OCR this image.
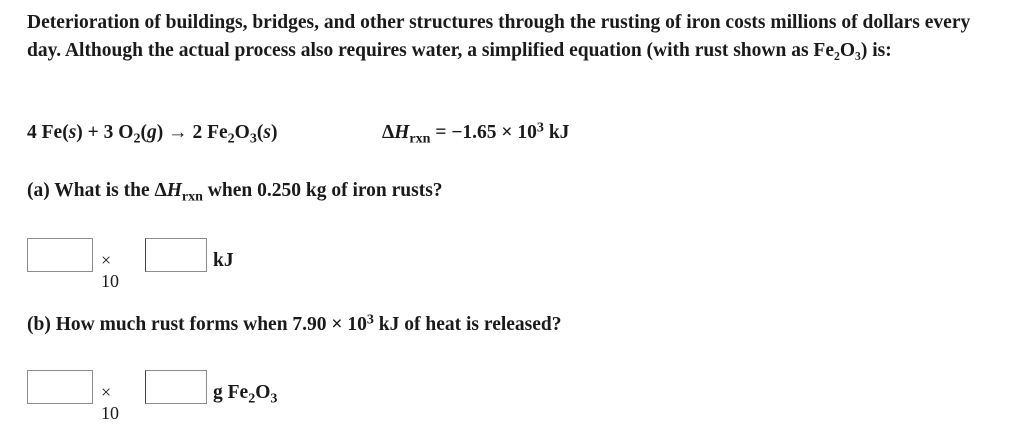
Deterioration of buildings, bridges, and other structures through the rusting of iron costs millions of dollars every day. Although the actual process also requires water, a simplified equation (with rust shown as Fe₂O₃) is:
4 Fe(s) + 3 $O_2(g) \to 2$ $Fe_2O_3(s)$	$\Delta H_{rxn} = -1.65 \times 10^3$ kJ
(a) What is the $\Delta H_{rxn}$ when 0.250 kg of iron rusts?
× 10
kJ
(b) How much rust forms when $7.90 \times 10^3$ kJ of heat is released?
× 10
g $Fe_2O_3$
